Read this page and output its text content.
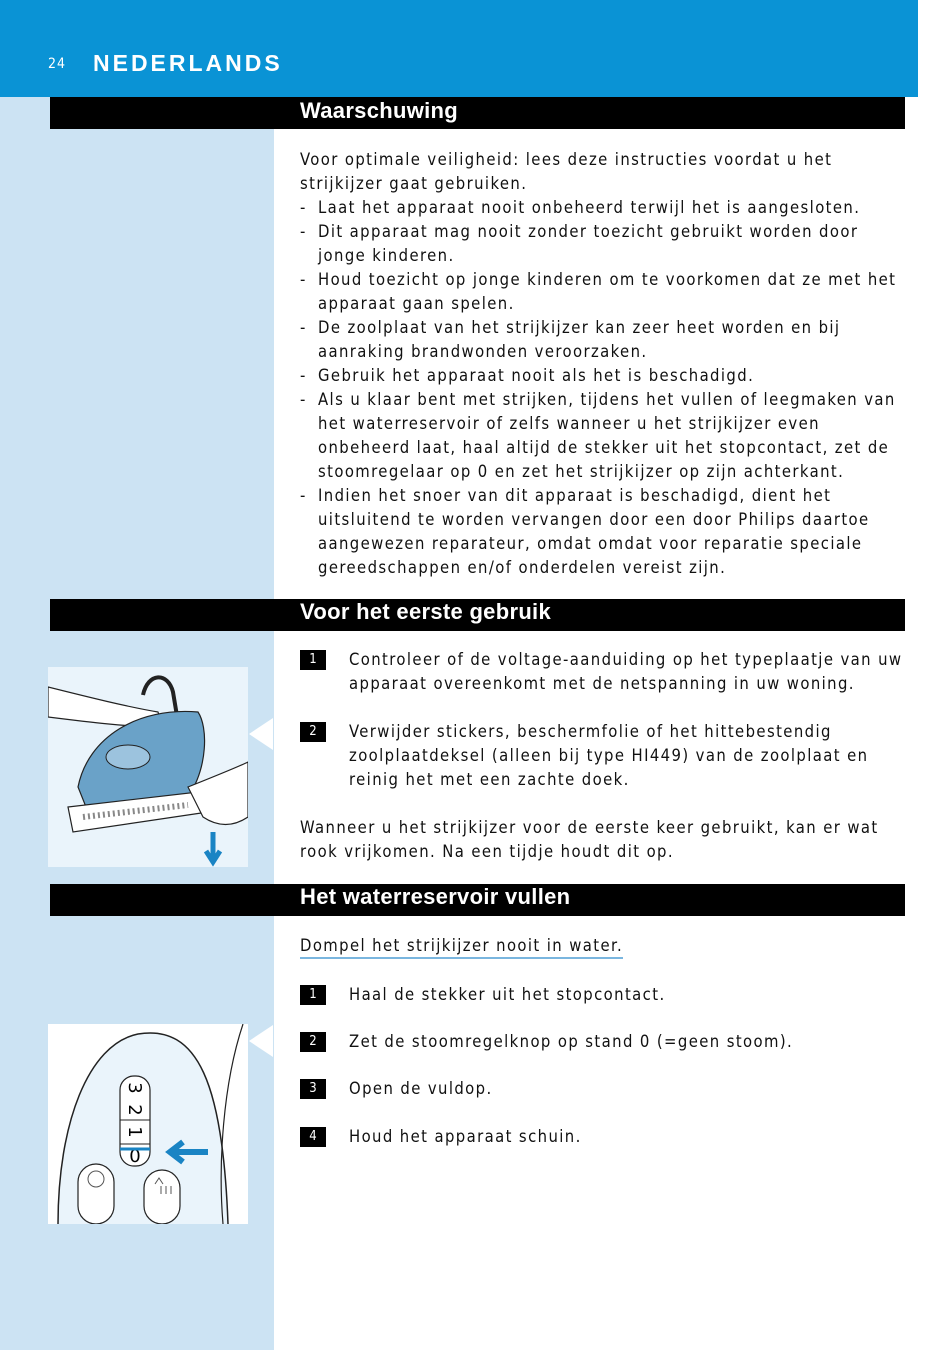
24 NEDERLANDS
Waarschuwing

Voor optimale veiligheid: lees deze instructies voordat u het strijkijzer gaat gebruiken.

- Laat het apparaat nooit onbeheerd terwijl het is aangesloten.

- Dit apparaat mag nooit zonder toezicht gebruikt worden door jonge kinderen.

- Houd toezicht op jonge kinderen om te voorkomen dat ze met het apparaat gaan spelen.

- De zoolplaat van het strijkijzer kan zeer heet worden en bij aanraking brandwonden veroorzaken.

- Gebruik het apparaat nooit als het is beschadigd.

- Als u klaar bent met strijken, tijdens het vullen of leegmaken van het waterreservoir of zelfs wanneer u het strijkijzer even onbeheerd laat, haal altijd de stekker uit het stopcontact, zet de stoomregelaar op 0 en zet het strijkijzer op zijn achterkant.

- Indien het snoer van dit apparaat is beschadigd, dient het uitsluitend te worden vervangen door een door Philips daartoe aangewezen reparateur, omdat omdat voor reparatie speciale gereedschappen en/of onderdelen vereist zijn.

Voor het eerste gebruik
1	Controleer of de voltage-aanduiding op het typeplaatje van uw apparaat overeenkomt met de netspanning in uw woning.
2	Verwijder stickers, beschermfolie of het hittebestendig zoolplaatdeksel (alleen bij type HI449) van de zoolplaat en reinig het met een zachte doek.

Wanneer u het strijkijzer voor de eerste keer gebruikt, kan er wat rook vrijkomen. Na een tijdje houdt dit op.

Het waterreservoir vullen

Dompel het strijkijzer nooit in water.

1	Haal de stekker uit het stopcontact.
2	Zet de stoomregelknop op stand 0 (=geen stoom).
3	Open de vuldop.
4	Houd het apparaat schuin.
3
2
1
0
